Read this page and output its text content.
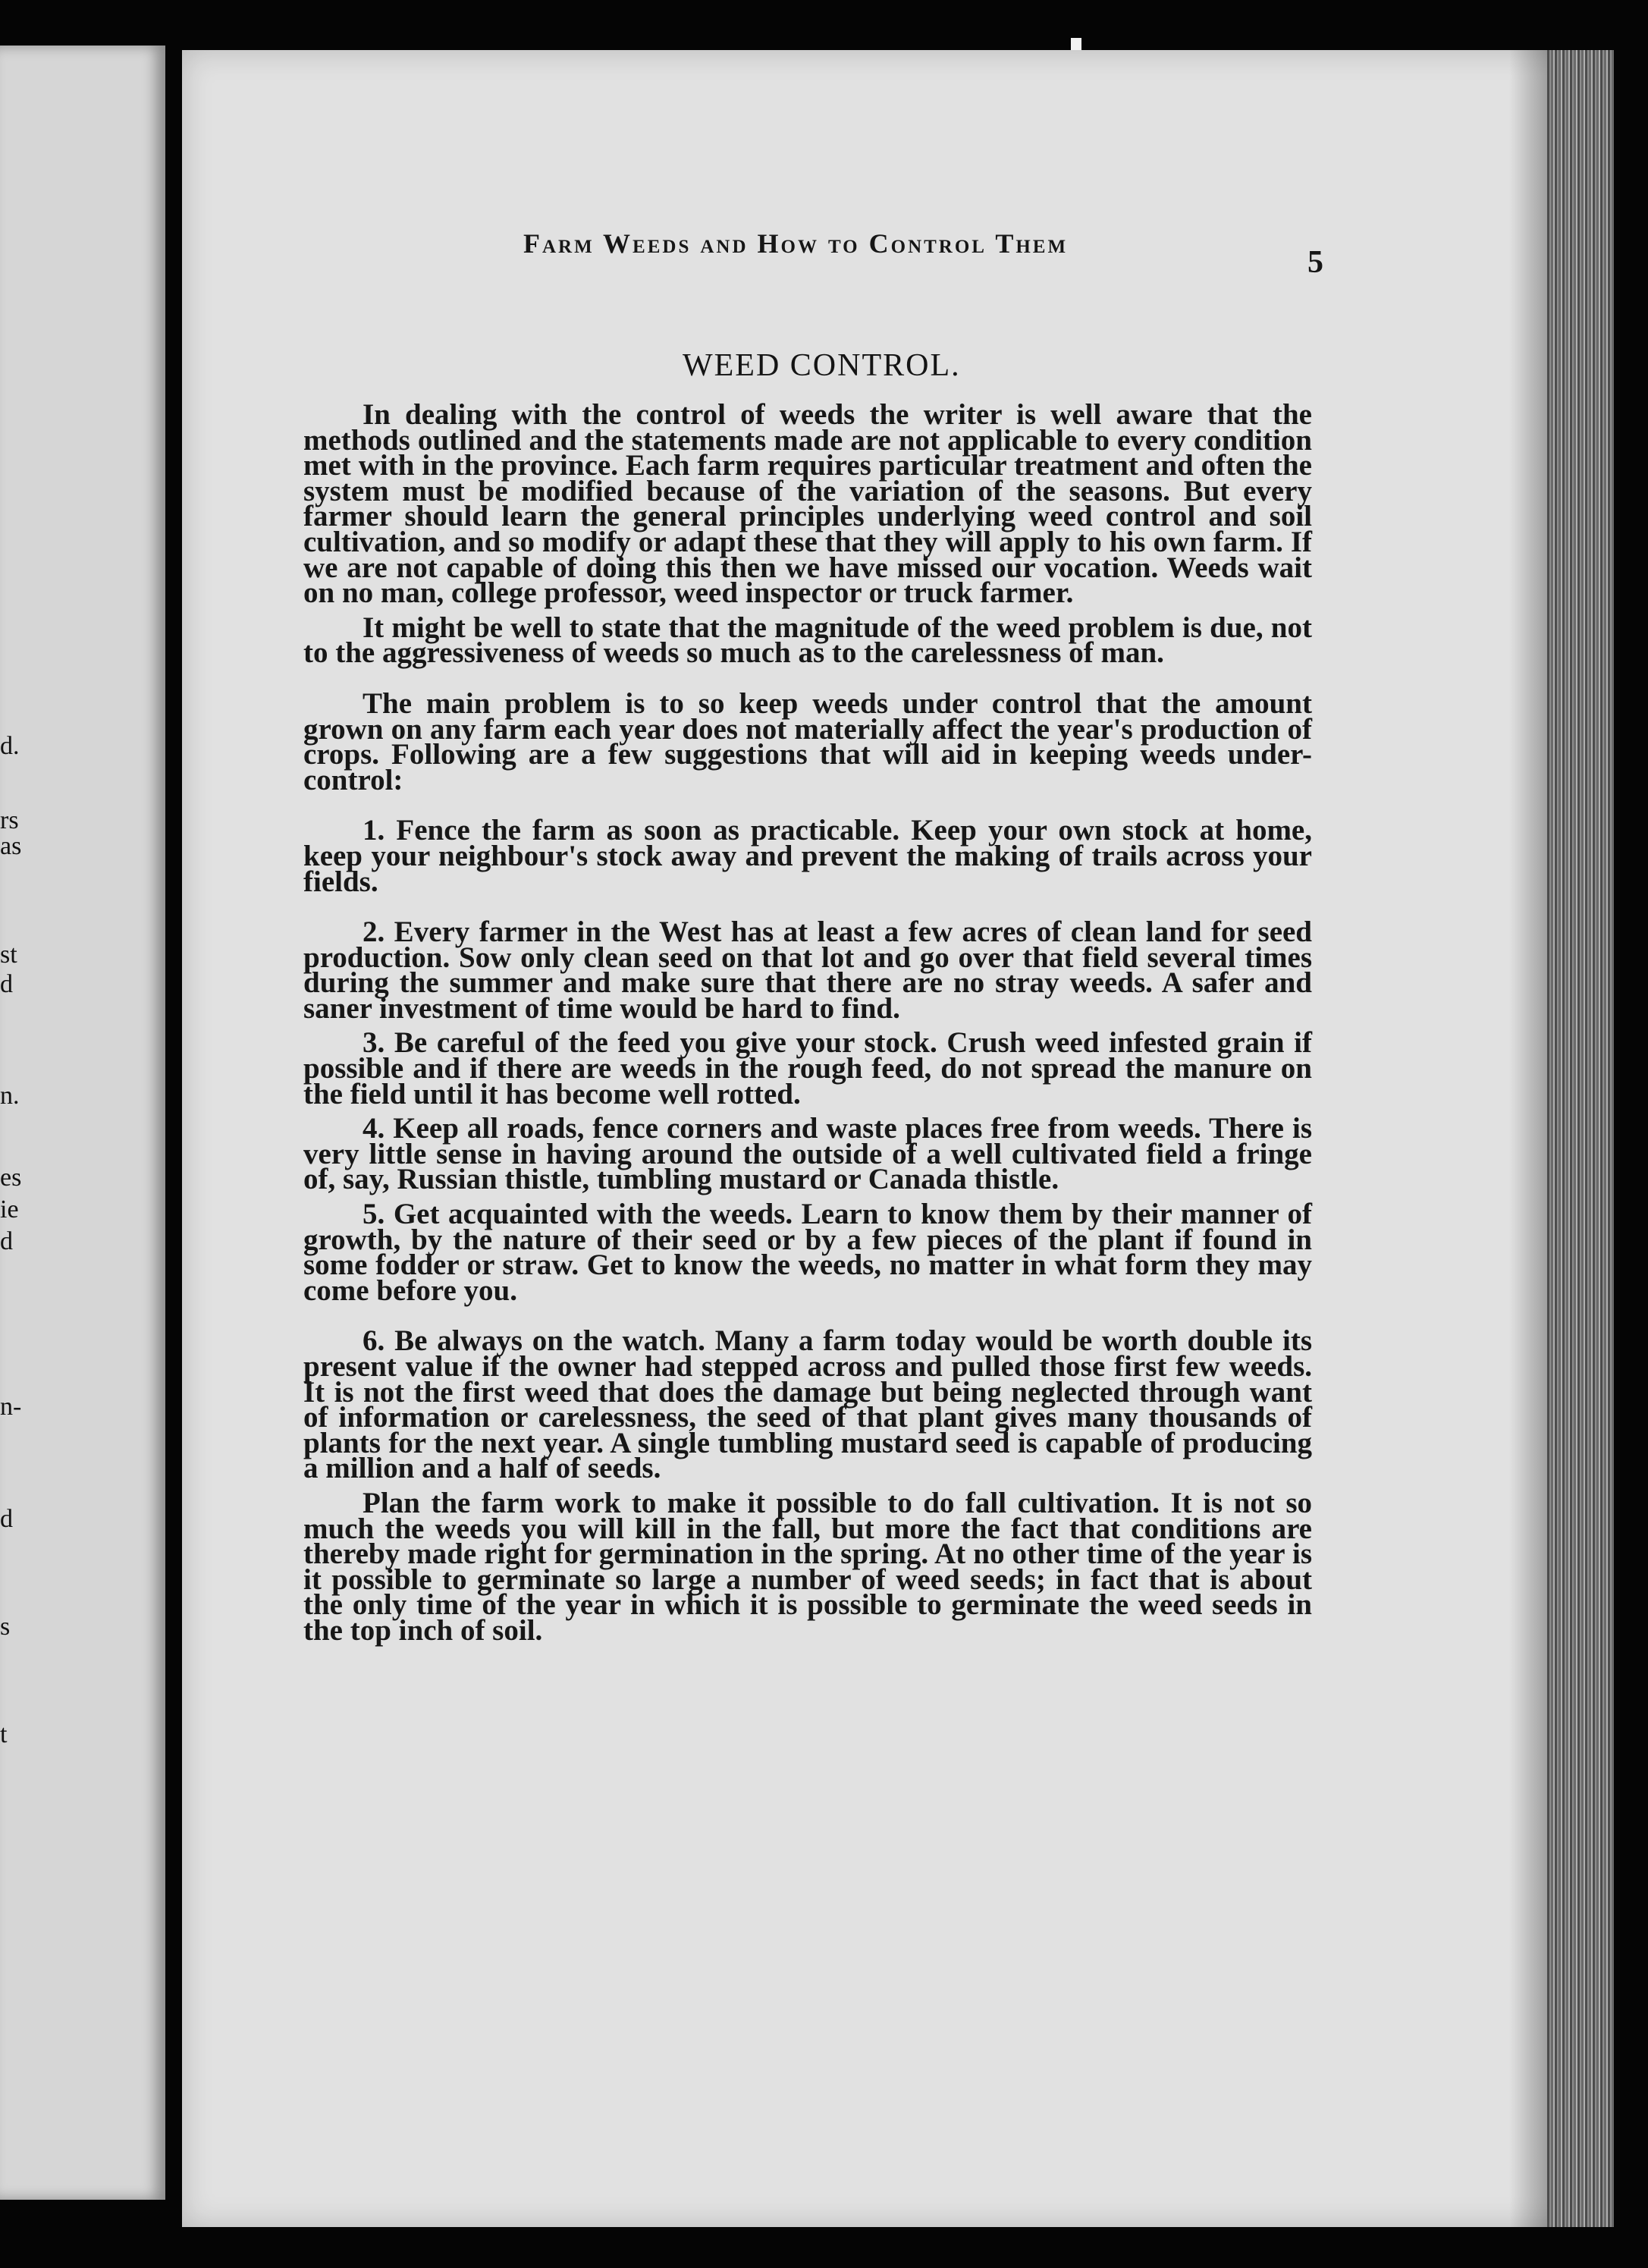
d.
rs
as
st
d
n.
es
ie
d
n-
d
s
t
Farm Weeds and How to Control Them
5
WEED CONTROL.

In dealing with the control of weeds the writer is well aware that the methods outlined and the statements made are not applicable to every condition met with in the province. Each farm requires particular treatment and often the system must be modified because of the variation of the seasons. But every farmer should learn the general principles underlying weed control and soil cultivation, and so modify or adapt these that they will apply to his own farm. If we are not capable of doing this then we have missed our vocation. Weeds wait on no man, college professor, weed inspector or truck farmer.

It might be well to state that the magnitude of the weed problem is due, not to the aggressiveness of weeds so much as to the carelessness of man.

The main problem is to so keep weeds under control that the amount grown on any farm each year does not materially affect the year's production of crops. Following are a few suggestions that will aid in keeping weeds under-control:

1. Fence the farm as soon as practicable. Keep your own stock at home, keep your neighbour's stock away and prevent the making of trails across your fields.

2. Every farmer in the West has at least a few acres of clean land for seed production. Sow only clean seed on that lot and go over that field several times during the summer and make sure that there are no stray weeds. A safer and saner investment of time would be hard to find.

3. Be careful of the feed you give your stock. Crush weed infested grain if possible and if there are weeds in the rough feed, do not spread the manure on the field until it has become well rotted.

4. Keep all roads, fence corners and waste places free from weeds. There is very little sense in having around the outside of a well cultivated field a fringe of, say, Russian thistle, tumbling mustard or Canada thistle.

5. Get acquainted with the weeds. Learn to know them by their manner of growth, by the nature of their seed or by a few pieces of the plant if found in some fodder or straw. Get to know the weeds, no matter in what form they may come before you.

6. Be always on the watch. Many a farm today would be worth double its present value if the owner had stepped across and pulled those first few weeds. It is not the first weed that does the damage but being neglected through want of information or carelessness, the seed of that plant gives many thousands of plants for the next year. A single tumbling mustard seed is capable of producing a million and a half of seeds.

Plan the farm work to make it possible to do fall cultivation. It is not so much the weeds you will kill in the fall, but more the fact that conditions are thereby made right for germination in the spring. At no other time of the year is it possible to germinate so large a number of weed seeds; in fact that is about the only time of the year in which it is possible to germinate the weed seeds in the top inch of soil.
